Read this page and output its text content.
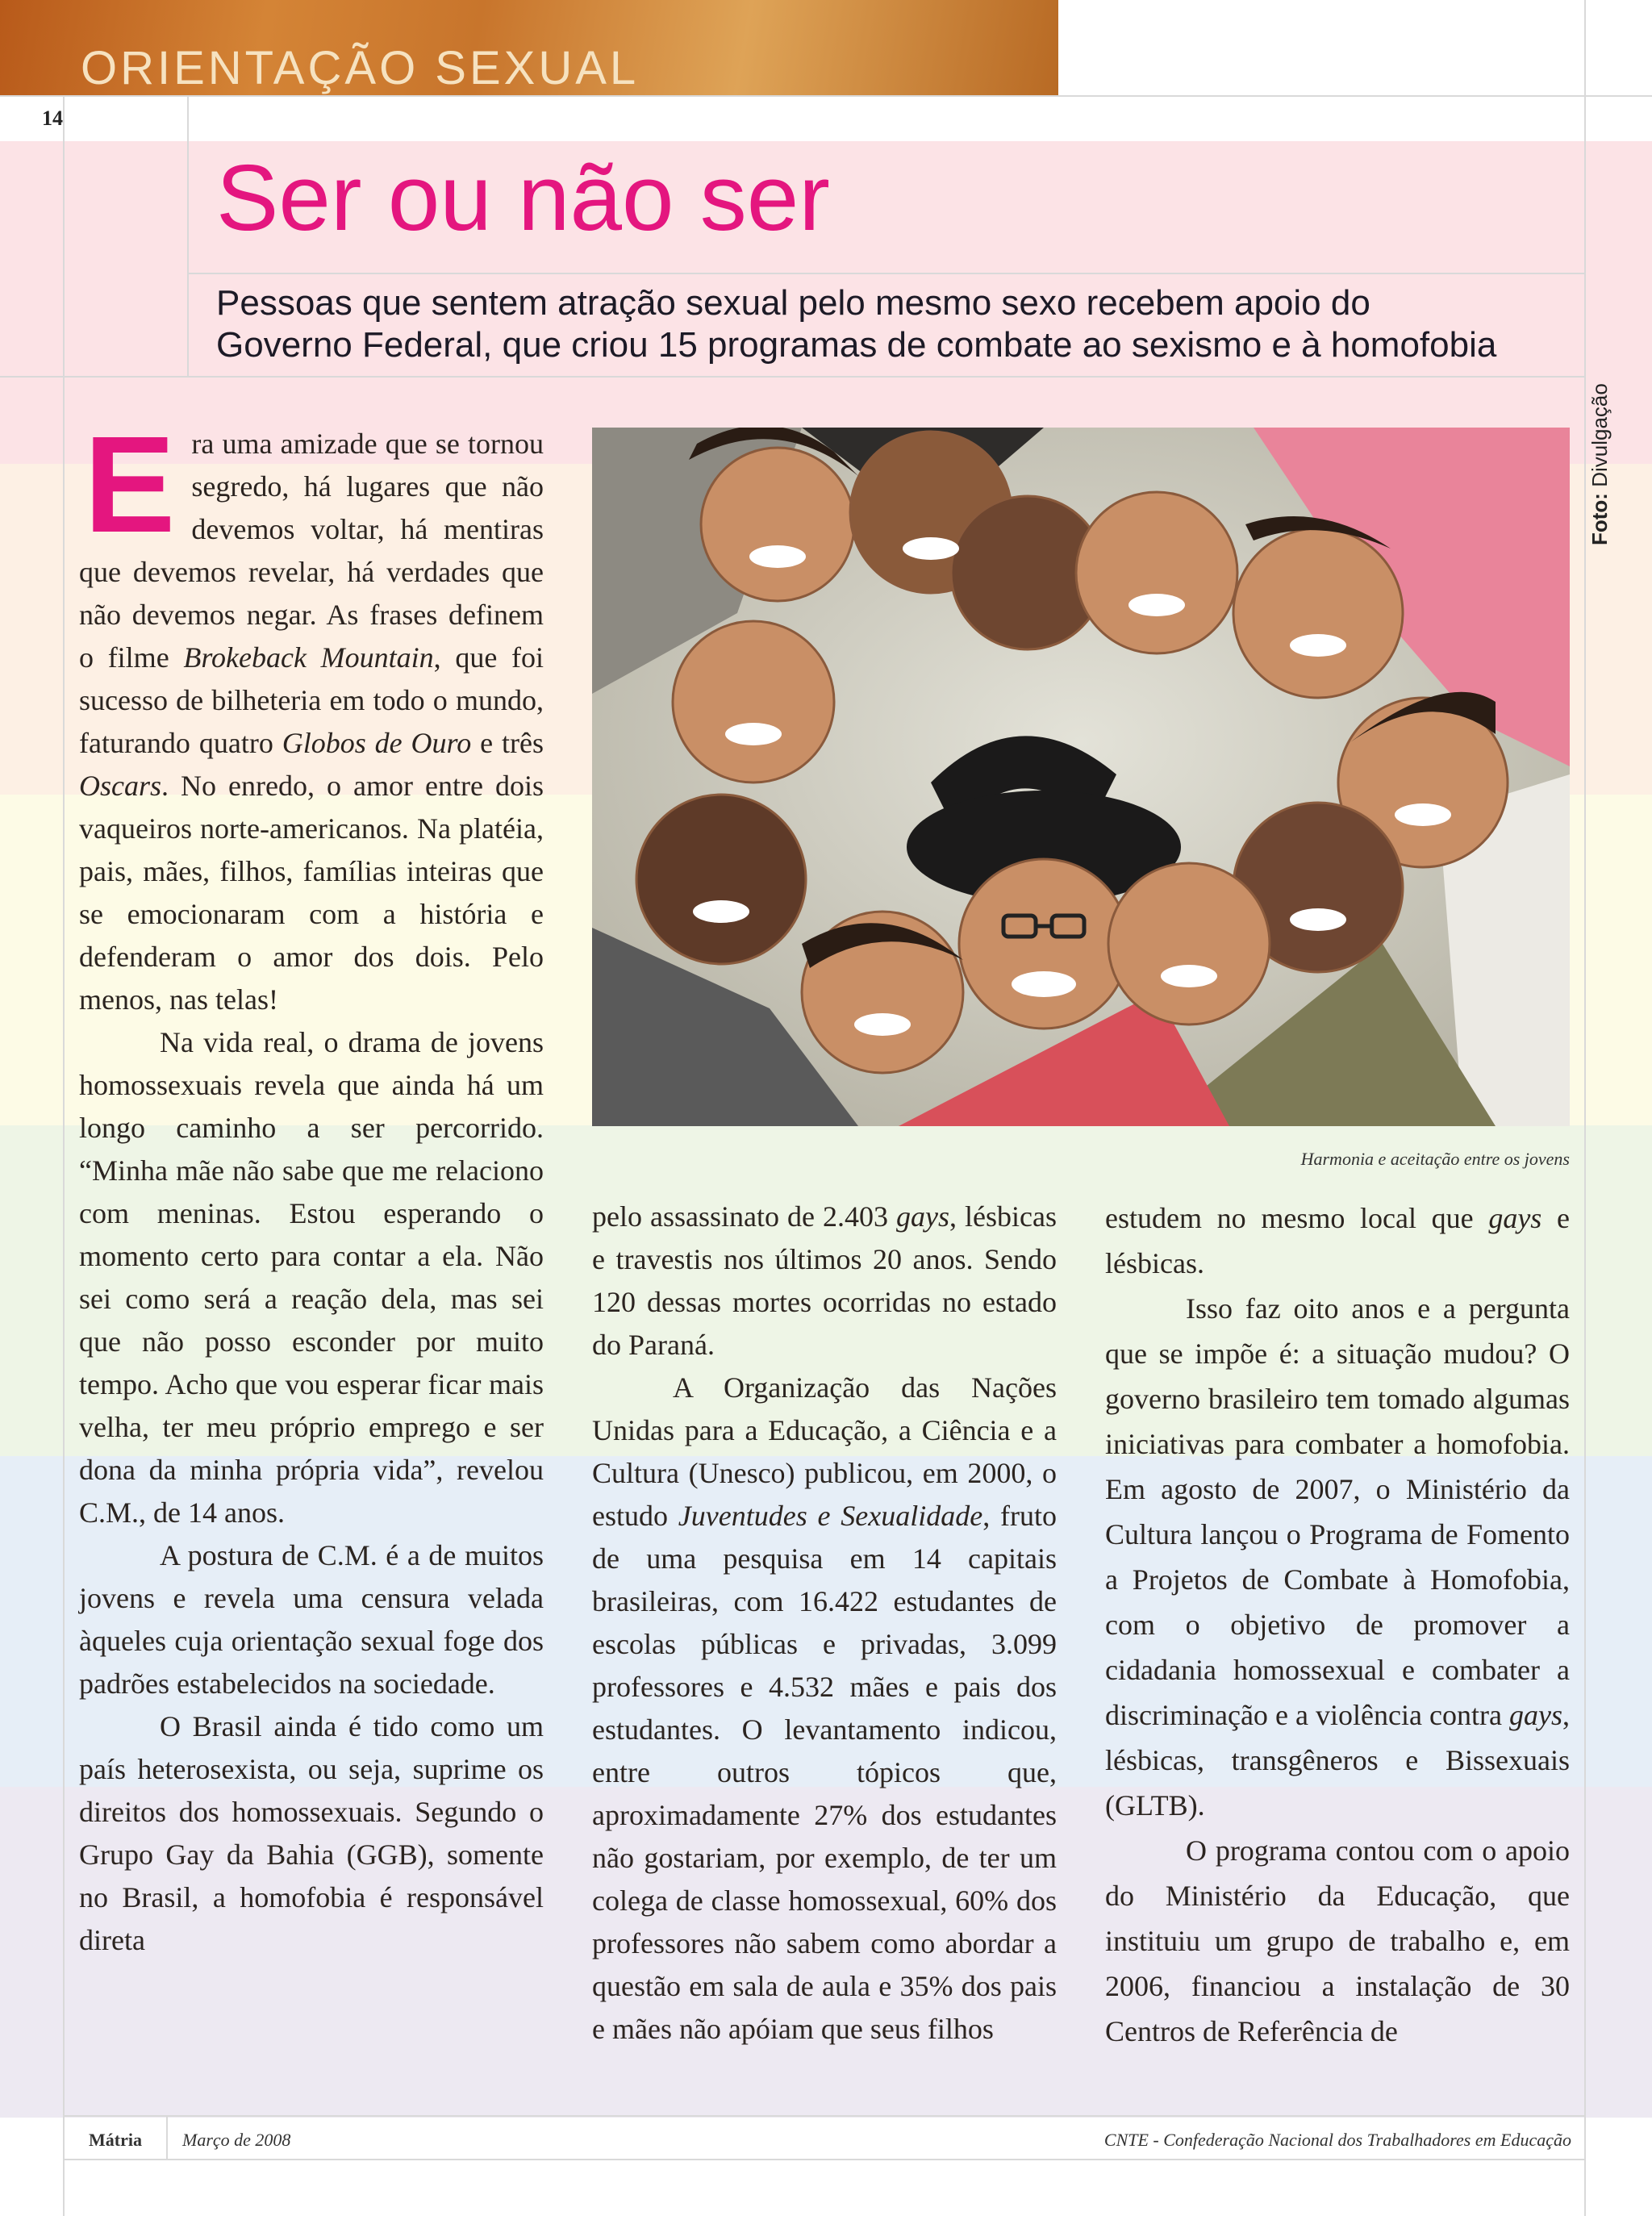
ORIENTAÇÃO SEXUAL
14
Ser ou não ser
Pessoas que sentem atração sexual pelo mesmo sexo recebem apoio do
Governo Federal, que criou 15 programas de combate ao sexismo e à homofobia
Foto: Divulgação
E ra uma amizade que se tornou segredo, há lugares que não devemos voltar, há mentiras que devemos revelar, há verdades que não devemos negar. As frases definem o filme Brokeback Mountain, que foi sucesso de bilheteria em todo o mundo, faturando quatro Globos de Ouro e três Oscars. No enredo, o amor entre dois vaqueiros norte-americanos. Na platéia, pais, mães, filhos, famílias inteiras que se emocionaram com a história e defenderam o amor dos dois. Pelo menos, nas telas!

Na vida real, o drama de jovens homossexuais revela que ainda há um longo caminho a ser percorrido. “Minha mãe não sabe que me relaciono com meninas. Estou esperando o momento certo para contar a ela. Não sei como será a reação dela, mas sei que não posso esconder por muito tempo. Acho que vou esperar ficar mais velha, ter meu próprio emprego e ser dona da minha própria vida”, revelou C.M., de 14 anos.

A postura de C.M. é a de muitos jovens e revela uma censura velada àqueles cuja orientação sexual foge dos padrões estabelecidos na sociedade.

O Brasil ainda é tido como um país heterosexista, ou seja, suprime os direitos dos homossexuais. Segundo o Grupo Gay da Bahia (GGB), somente no Brasil, a homofobia é responsável direta

Harmonia e aceitação entre os jovens

pelo assassinato de 2.403 gays, lésbicas e travestis nos últimos 20 anos. Sendo 120 dessas mortes ocorridas no estado do Paraná.

A Organização das Nações Unidas para a Educação, a Ciência e a Cultura (Unesco) publicou, em 2000, o estudo Juventudes e Sexualidade, fruto de uma pesquisa em 14 capitais brasileiras, com 16.422 estudantes de escolas públicas e privadas, 3.099 professores e 4.532 mães e pais dos estudantes. O levantamento indicou, entre outros tópicos que, aproximadamente 27% dos estudantes não gostariam, por exemplo, de ter um colega de classe homossexual, 60% dos professores não sabem como abordar a questão em sala de aula e 35% dos pais e mães não apóiam que seus filhos

estudem no mesmo local que gays e lésbicas.

Isso faz oito anos e a pergunta que se impõe é: a situação mudou? O governo brasileiro tem tomado algumas iniciativas para combater a homofobia. Em agosto de 2007, o Ministério da Cultura lançou o Programa de Fomento a Projetos de Combate à Homofobia, com o objetivo de promover a cidadania homossexual e combater a discriminação e a violência contra gays, lésbicas, transgêneros e Bissexuais (GLTB).

O programa contou com o apoio do Ministério da Educação, que instituiu um grupo de trabalho e, em 2006, financiou a instalação de 30 Centros de Referência de

Mátria Março de 2008	CNTE - Confederação Nacional dos Trabalhadores em Educação
